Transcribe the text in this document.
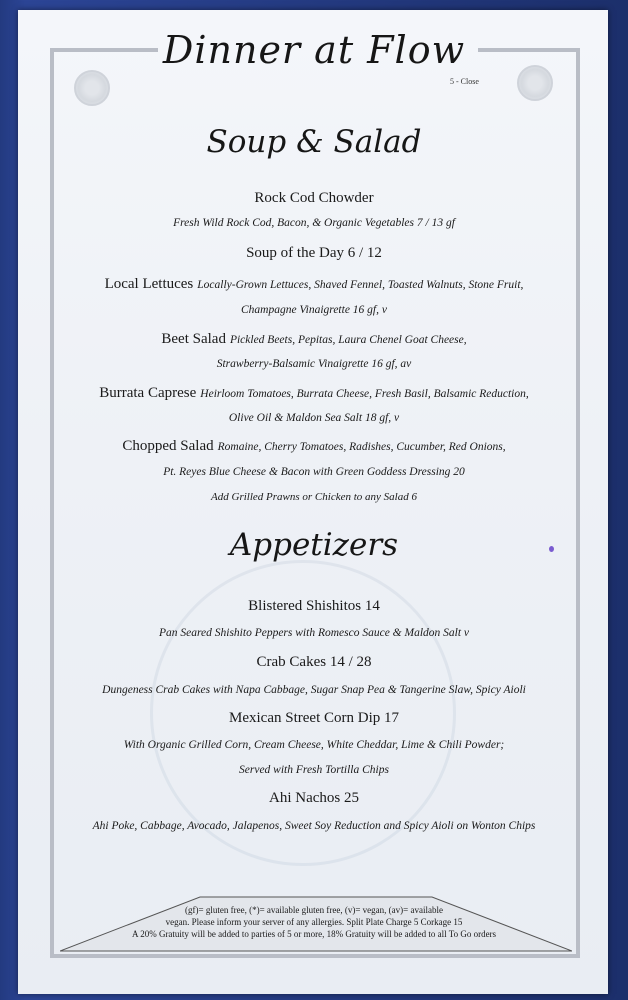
Dinner at Flow
5 - Close
Soup & Salad
Rock Cod Chowder
Fresh Wild Rock Cod, Bacon, & Organic Vegetables 7 / 13 gf
Soup of the Day 6 / 12
Local Lettuces Locally-Grown Lettuces, Shaved Fennel, Toasted Walnuts, Stone Fruit,
Champagne Vinaigrette 16 gf, v
Beet Salad Pickled Beets, Pepitas, Laura Chenel Goat Cheese,
Strawberry-Balsamic Vinaigrette 16 gf, av
Burrata Caprese Heirloom Tomatoes, Burrata Cheese, Fresh Basil, Balsamic Reduction,
Olive Oil & Maldon Sea Salt 18 gf, v
Chopped Salad Romaine, Cherry Tomatoes, Radishes, Cucumber, Red Onions,
Pt. Reyes Blue Cheese & Bacon with Green Goddess Dressing 20
Add Grilled Prawns or Chicken to any Salad 6
Appetizers
Blistered Shishitos 14
Pan Seared Shishito Peppers with Romesco Sauce & Maldon Salt v
Crab Cakes 14 / 28
Dungeness Crab Cakes with Napa Cabbage, Sugar Snap Pea & Tangerine Slaw, Spicy Aioli
Mexican Street Corn Dip 17
With Organic Grilled Corn, Cream Cheese, White Cheddar, Lime & Chili Powder;
Served with Fresh Tortilla Chips
Ahi Nachos 25
Ahi Poke, Cabbage, Avocado, Jalapenos, Sweet Soy Reduction and Spicy Aioli on Wonton Chips
(gf)= gluten free, (*)= available gluten free, (v)= vegan, (av)= available
vegan. Please inform your server of any allergies. Split Plate Charge 5 Corkage 15
A 20% Gratuity will be added to parties of 5 or more, 18% Gratuity will be added to all To Go orders
